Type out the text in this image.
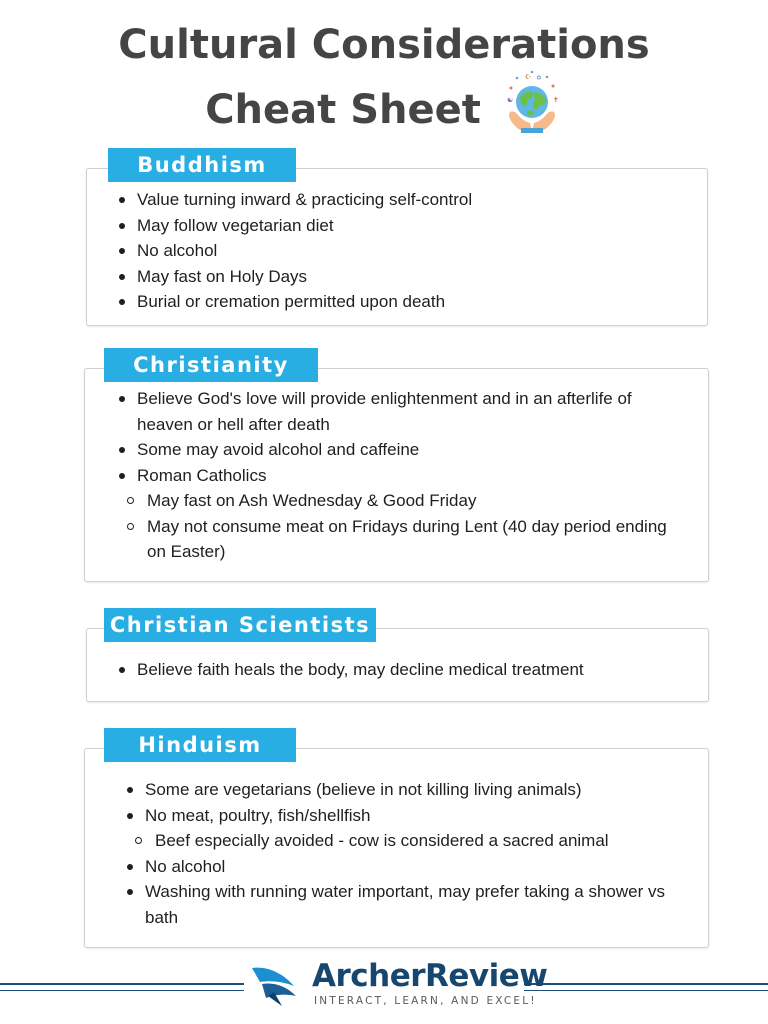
Cultural Considerations
Cheat Sheet
☪ ✡
☯	✝
Buddhism
Value turning inward & practicing self-control
May follow vegetarian diet
No alcohol
May fast on Holy Days
Burial or cremation permitted upon death
Christianity
Believe God's love will provide enlightenment and in an afterlife of heaven or hell after death
Some may avoid alcohol and caffeine
Roman Catholics
May fast on Ash Wednesday & Good Friday
May not consume meat on Fridays during Lent (40 day period ending on Easter)
Christian Scientists
Believe faith heals the body, may decline medical treatment
Hinduism
Some are vegetarians (believe in not killing living animals)
No meat, poultry, fish/shellfish
Beef especially avoided - cow is considered a sacred animal
No alcohol
Washing with running water important, may prefer taking a shower vs bath
ArcherReview
INTERACT, LEARN, AND EXCEL!
